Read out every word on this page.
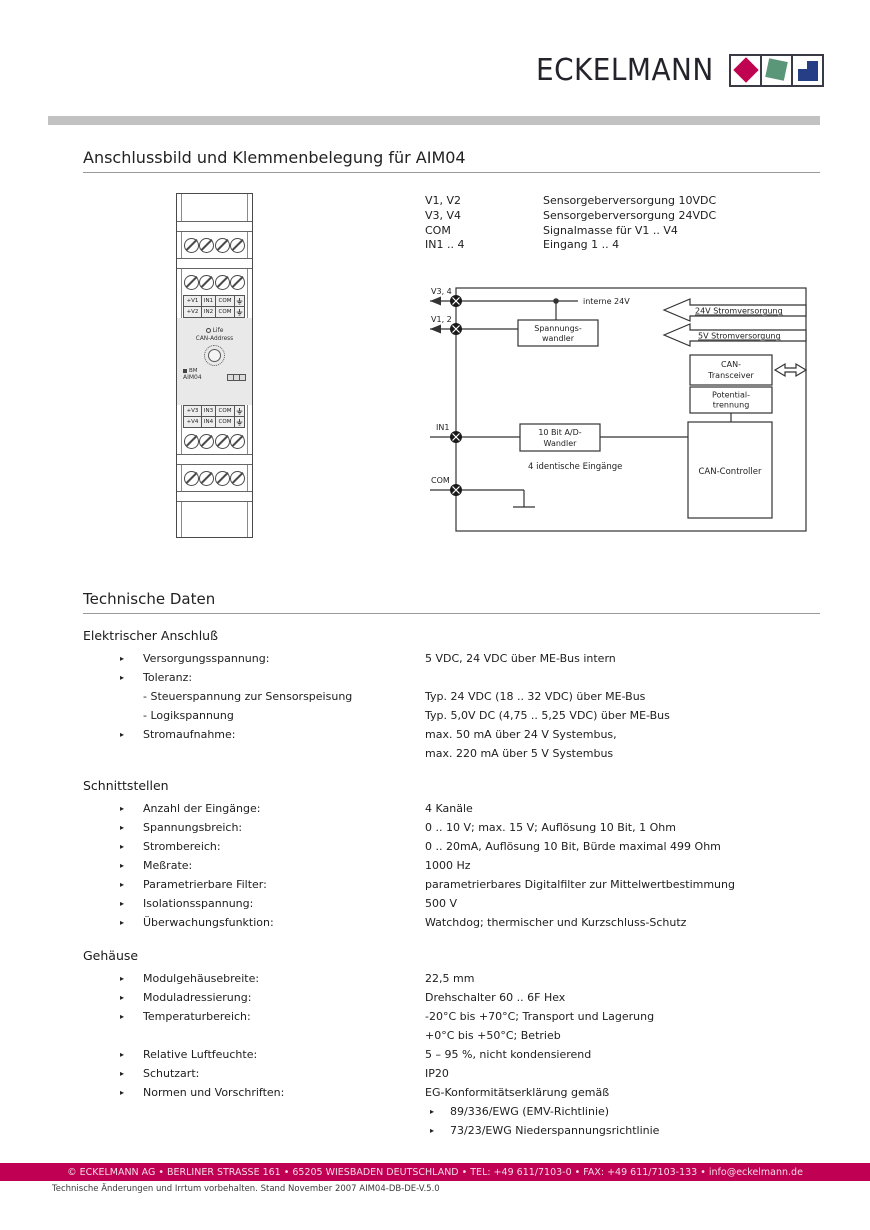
ECKELMANN
Anschlussbild und Klemmenbelegung für AIM04
V1, V2	Sensorgeberversorgung 10VDC
V3, V4	Sensorgeberversorgung 24VDC
COM	Signalmasse für V1 .. V4
IN1 .. 4	Eingang 1 .. 4
+V1 IN1 COM
+V2 IN2 COM
Life
CAN-Address
BM
AIM04
+V3 IN3 COM
+V4 IN4 COM
V3, 4
V1, 2
IN1
COM
interne 24V
Spannungs-
wandler
24V Stromversorgung
5V Stromversorgung
CAN-
Transceiver
Potential-
trennung
10 Bit A/D-
Wandler
4 identische Eingänge	CAN-Controller
Technische Daten
Elektrischer Anschluß
▸ Versorgungsspannung:	5 VDC, 24 VDC über ME-Bus intern
▸ Toleranz:
- Steuerspannung zur Sensorspeisung	Typ. 24 VDC (18 .. 32 VDC) über ME-Bus
- Logikspannung	Typ. 5,0V DC (4,75 .. 5,25 VDC) über ME-Bus
▸ Stromaufnahme:	max. 50 mA über 24 V Systembus,
max. 220 mA über 5 V Systembus
Schnittstellen
▸ Anzahl der Eingänge:	4 Kanäle
▸ Spannungsbreich:	0 .. 10 V; max. 15 V; Auflösung 10 Bit, 1 Ohm
▸ Strombereich:	0 .. 20mA, Auflösung 10 Bit, Bürde maximal 499 Ohm
▸ Meßrate:	1000 Hz
▸ Parametrierbare Filter:	parametrierbares Digitalfilter zur Mittelwertbestimmung
▸ Isolationsspannung:	500 V
▸ Überwachungsfunktion:	Watchdog; thermischer und Kurzschluss-Schutz
Gehäuse
▸ Modulgehäusebreite:	22,5 mm
▸ Moduladressierung:	Drehschalter 60 .. 6F Hex
▸ Temperaturbereich:	-20°C bis +70°C; Transport und Lagerung
+0°C bis +50°C; Betrieb
▸ Relative Luftfeuchte:	5 – 95 %, nicht kondensierend
▸ Schutzart:	IP20
▸ Normen und Vorschriften:	EG-Konformitätserklärung gemäß
▸ 89/336/EWG (EMV-Richtlinie)
▸ 73/23/EWG Niederspannungsrichtlinie
© ECKELMANN AG • BERLINER STRASSE 161 • 65205 WIESBADEN DEUTSCHLAND • TEL: +49 611/7103-0 • FAX: +49 611/7103-133 • info@eckelmann.de
Technische Änderungen und Irrtum vorbehalten. Stand November 2007 AIM04-DB-DE-V.5.0
